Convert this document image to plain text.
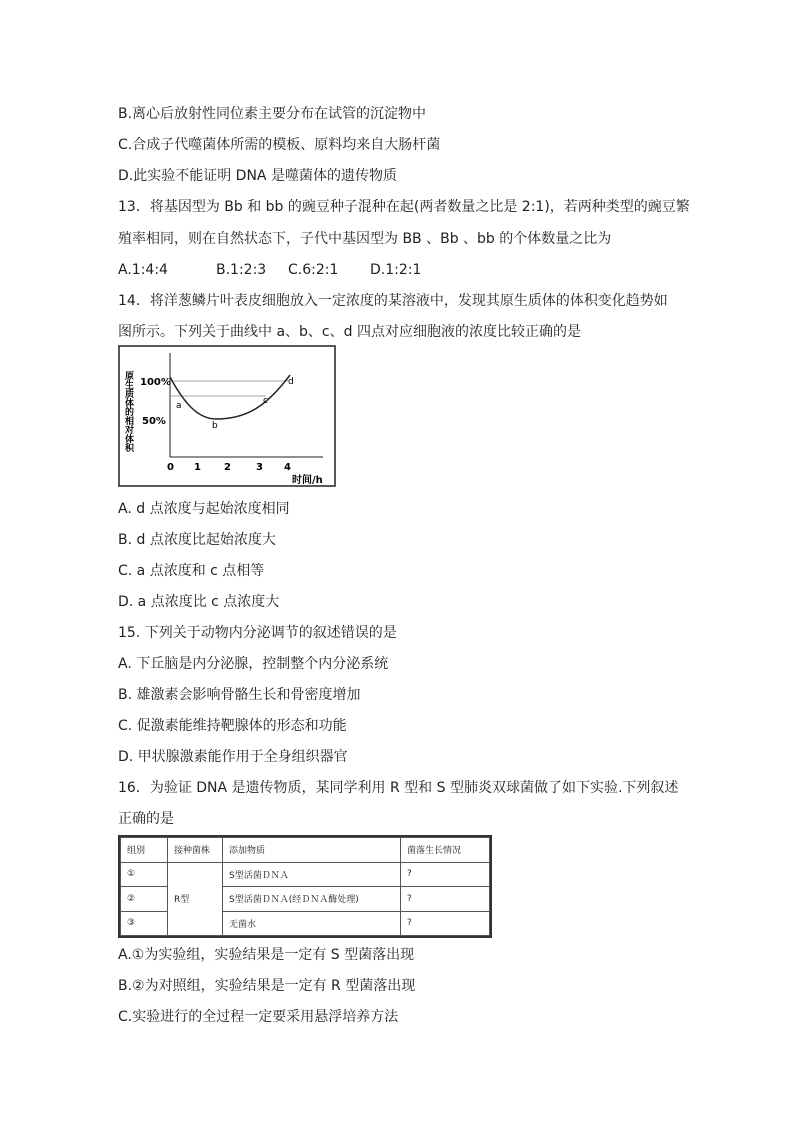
B.离心后放射性同位素主要分布在试管的沉淀物中
C.合成子代噬菌体所需的模板、原料均来自大肠杆菌
D.此实验不能证明 DNA 是噬菌体的遗传物质
13．将基因型为 Bb 和 bb 的豌豆种子混种在起(两者数量之比是 2:1)，若两种类型的豌豆繁
殖率相同，则在自然状态下，子代中基因型为 BB 、Bb 、bb 的个体数量之比为
A.1:4:4	B.1:2:3 C.6:2:1 D.1:2:1
14．将洋葱鳞片叶表皮细胞放入一定浓度的某溶液中，发现其原生质体的体积变化趋势如
图所示。下列关于曲线中 a、b、c、d 四点对应细胞液的浓度比较正确的是
原生质体的相对体积 100%
50%
a
b
c
d
0 1 2	3 4
时间/h
A. d 点浓度与起始浓度相同
B. d 点浓度比起始浓度大
C. a 点浓度和 c 点相等
D. a 点浓度比 c 点浓度大
15. 下列关于动物内分泌调节的叙述错误的是
A. 下丘脑是内分泌腺，控制整个内分泌系统
B. 雄激素会影响骨骼生长和骨密度增加
C. 促激素能维持靶腺体的形态和功能
D. 甲状腺激素能作用于全身组织器官
16．为验证 DNA 是遗传物质，某同学利用 R 型和 S 型肺炎双球菌做了如下实验.下列叙述
正确的是
组别	接种菌株	添加物质	菌落生长情况
①	R型	S型活菌ＤＮＡ	?
②		S型活菌ＤＮＡ(经ＤＮＡ酶处理)	?
③		无菌水	?
A.①为实验组，实验结果是一定有 S 型菌落出现
B.②为对照组，实验结果是一定有 R 型菌落出现
C.实验进行的全过程一定要采用悬浮培养方法
